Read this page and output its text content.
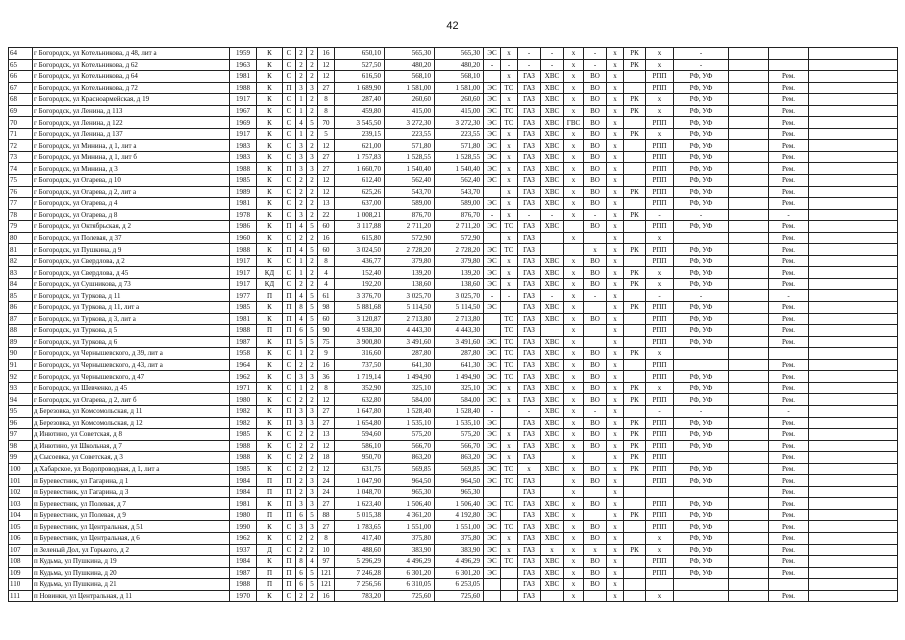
42
64	г Богородск, ул Котельникова, д 48, лит а	1959	К	С	2	2	16	650,10	565,30	565,30	ЭС	х	-	-	х	-	х	РК	х	-			
65	г Богородск, ул Котельникова, д 62	1963	К	С	2	2	12	527,50	480,20	480,20	-	-	-	-	х	-	х	РК	х	-			
66	г Богородск, ул Котельникова, д 64	1981	К	С	2	2	12	616,50	568,10	568,10		х	ГАЗ	ХВС	х	ВО	х		РПП	РФ, УФ		Рем.	
67	г Богородск, ул Котельникова, д 72	1988	К	П	3	3	27	1 689,90	1 581,00	1 581,00	ЭС	ТС	ГАЗ	ХВС	х	ВО	х		РПП	РФ, УФ		Рем.	
68	г Богородск, ул Красноармейская, д 19	1917	К	С	1	2	8	287,40	260,60	260,60	ЭС	х	ГАЗ	ХВС	х	ВО	х	РК	х	РФ, УФ		Рем.	
69	г Богородск, ул Ленина, д 113	1967	К	С	1	2	8	459,80	415,00	415,00	ЭС	ТС	ГАЗ	ХВС	х	ВО	х	РК	х	РФ, УФ		Рем.	
70	г Богородск, ул Ленина, д 122	1969	К	С	4	5	70	3 545,50	3 272,30	3 272,30	ЭС	ТС	ГАЗ	ХВС	ГВС	ВО	х		РПП	РФ, УФ		Рем.	
71	г Богородск, ул Ленина, д 137	1917	К	С	1	2	5	239,15	223,55	223,55	ЭС	х	ГАЗ	ХВС	х	ВО	х	РК	х	РФ, УФ		Рем.	
72	г Богородск, ул Минина, д 1, лит а	1983	К	С	3	2	12	621,00	571,80	571,80	ЭС	х	ГАЗ	ХВС	х	ВО	х		РПП	РФ, УФ		Рем.	
73	г Богородск, ул Минина, д 1, лит б	1983	К	С	3	3	27	1 757,83	1 528,55	1 528,55	ЭС	х	ГАЗ	ХВС	х	ВО	х		РПП	РФ, УФ		Рем.	
74	г Богородск, ул Минина, д 3	1988	К	П	3	3	27	1 660,70	1 540,40	1 540,40	ЭС	х	ГАЗ	ХВС	х	ВО	х		РПП	РФ, УФ		Рем.	
75	г Богородск, ул Огарева, д 10	1985	К	С	2	2	12	612,40	562,40	562,40	ЭС	х	ГАЗ	ХВС	х	ВО	х		РПП	РФ, УФ		Рем.	
76	г Богородск, ул Огарева, д 2, лит а	1989	К	С	2	2	12	625,26	543,70	543,70		х	ГАЗ	ХВС	х	ВО	х	РК	РПП	РФ, УФ		Рем.	
77	г Богородск, ул Огарева, д 4	1981	К	С	2	2	13	637,00	589,00	589,00	ЭС	х	ГАЗ	ХВС	х	ВО	х		РПП	РФ, УФ		Рем.	
78	г Богородск, ул Огарева, д 8	1978	К	С	3	2	22	1 008,21	876,70	876,70	-	х	-	-	х	-	х	РК	-	-		-	
79	г Богородск, ул Октябрьская, д 2	1986	К	П	4	5	60	3 117,88	2 711,20	2 711,20	ЭС	ТС	ГАЗ	ХВС		ВО	х		РПП	РФ, УФ		Рем.	
80	г Богородск, ул Полевая, д 37	1960	К	С	2	2	16	615,80	572,90	572,90		х	ГАЗ		х		х		х			Рем.	
81	г Богородск, ул Пушкина, д 9	1988	К	П	4	5	60	3 024,50	2 728,20	2 728,20	ЭС	ТС	ГАЗ			х	х	РК	РПП	РФ, УФ		Рем.	
82	г Богородск, ул Свердлова, д 2	1917	К	С	1	2	8	436,77	379,80	379,80	ЭС	х	ГАЗ	ХВС	х	ВО	х		РПП	РФ, УФ		Рем.	
83	г Богородск, ул Свердлова, д 45	1917	КД	С	1	2	4	152,40	139,20	139,20	ЭС	х	ГАЗ	ХВС	х	ВО	х	РК	х	РФ, УФ		Рем.	
84	г Богородск, ул Сушникова, д 73	1917	КД	С	2	2	4	192,20	138,60	138,60	ЭС	х	ГАЗ	ХВС	х	ВО	х	РК	х	РФ, УФ		Рем.	
85	г Богородск, ул Туркова, д 11	1977	П	П	4	5	61	3 376,70	3 025,70	3 025,70	-	-	ГАЗ	-	х	-	х		-	-		-	
86	г Богородск, ул Туркова, д 11, лит а	1985	К	П	8	5	98	5 881,68	5 114,50	5 114,50	ЭС		ГАЗ	ХВС	х		х	РК	РПП	РФ, УФ		Рем.	
87	г Богородск, ул Туркова, д 3, лит а	1981	К	П	4	5	60	3 120,87	2 713,80	2 713,80		ТС	ГАЗ	ХВС	х	ВО	х		РПП	РФ, УФ		Рем.	
88	г Богородск, ул Туркова, д 5	1988	П	П	6	5	90	4 938,30	4 443,30	4 443,30		ТС	ГАЗ		х		х		РПП	РФ, УФ		Рем.	
89	г Богородск, ул Туркова, д 6	1987	К	П	5	5	75	3 900,80	3 491,60	3 491,60	ЭС	ТС	ГАЗ	ХВС	х		х		РПП	РФ, УФ		Рем.	
90	г Богородск, ул Чернышевского, д 39, лит а	1958	К	С	1	2	9	316,60	287,80	287,80	ЭС	ТС	ГАЗ	ХВС	х	ВО	х	РК	х				
91	г Богородск, ул Чернышевского, д 43, лит а	1964	К	С	2	2	16	737,50	641,30	641,30	ЭС	ТС	ГАЗ	ХВС	х	ВО	х		РПП			Рем.	
92	г Богородск, ул Чернышевского, д 47	1962	К	С	3	3	36	1 719,14	1 494,90	1 494,90	ЭС	ТС	ГАЗ	ХВС	х	ВО	х		РПП	РФ, УФ		Рем.	
93	г Богородск, ул Шевченко, д 45	1971	К	С	1	2	8	352,90	325,10	325,10	ЭС	х	ГАЗ	ХВС	х	ВО	х	РК	х	РФ, УФ		Рем.	
94	г Богородск, ул Огарева, д 2, лит б	1980	К	С	2	2	12	632,80	584,00	584,00	ЭС	х	ГАЗ	ХВС	х	ВО	х	РК	РПП	РФ, УФ		Рем.	
95	д Березовка, ул Комсомольская, д 11	1982	К	П	3	3	27	1 647,80	1 528,40	1 528,40	-		-	ХВС	х	-	х		-	-		-	
96	д Березовка, ул Комсомольская, д 12	1982	К	П	3	3	27	1 654,80	1 535,10	1 535,10	ЭС		ГАЗ	ХВС	х	ВО	х	РК	РПП	РФ, УФ		Рем.	
97	д Инютино, ул Советская, д 8	1985	К	С	2	2	13	594,60	575,20	575,20	ЭС	х	ГАЗ	ХВС	х	ВО	х	РК	РПП	РФ, УФ		Рем.	
98	д Инютино, ул Школьная, д 7	1988	К	С	2	2	12	586,10	566,70	566,70	ЭС	х	ГАЗ	ХВС	х	ВО	х	РК	РПП	РФ, УФ		Рем.	
99	д Сысоевка, ул Советская, д 3	1988	К	С	2	2	18	950,70	863,20	863,20	ЭС	х	ГАЗ		х		х	РК	РПП			Рем.	
100	д Хабарское, ул Водопроводная, д 1, лит а	1985	К	С	2	2	12	631,75	569,85	569,85	ЭС	ТС	х	ХВС	х	ВО	х	РК	РПП	РФ, УФ		Рем.	
101	п Буревестник, ул Гагарина, д 1	1984	П	П	2	3	24	1 047,90	964,50	964,50	ЭС	ТС	ГАЗ		х	ВО	х		РПП	РФ, УФ		Рем.	
102	п Буревестник, ул Гагарина, д 3	1984	П	П	2	3	24	1 048,70	965,30	965,30			ГАЗ		х		х					Рем.	
103	п Буревестник, ул Полевая, д 7	1981	К	П	3	3	27	1 623,40	1 506,40	1 506,40	ЭС	ТС	ГАЗ	ХВС	х	ВО	х		РПП	РФ, УФ		Рем.	
104	п Буревестник, ул Полевая, д 9	1980	П	П	6	5	88	5 015,38	4 361,20	4 192,80	ЭС		ГАЗ	ХВС	х		х	РК	РПП	РФ, УФ		Рем.	
105	п Буревестник, ул Центральная, д 51	1990	К	С	3	3	27	1 783,65	1 551,00	1 551,00	ЭС	ТС	ГАЗ	ХВС	х	ВО	х		РПП	РФ, УФ		Рем.	
106	п Буревестник, ул Центральная, д 6	1962	К	С	2	2	8	417,40	375,80	375,80	ЭС	х	ГАЗ	ХВС	х	ВО	х		х	РФ, УФ		Рем.	
107	п Зеленый Дол, ул Горького, д 2	1937	Д	С	2	2	10	488,60	383,90	383,90	ЭС	х	ГАЗ	х	х	х	х	РК	х	РФ, УФ		Рем.	
108	п Кудьма, ул Пушкина, д 19	1984	К	П	8	4	97	5 296,29	4 496,29	4 496,29	ЭС	ТС	ГАЗ	ХВС	х	ВО	х		РПП	РФ, УФ		Рем.	
109	п Кудьма, ул Пушкина, д 20	1987	П	П	6	5	121	7 246,28	6 301,20	6 301,20	ЭС		ГАЗ	ХВС	х	ВО	х		РПП	РФ, УФ		Рем.	
110	п Кудьма, ул Пушкина, д 21	1988	П	П	6	5	121	7 256,56	6 310,05	6 253,05			ГАЗ	ХВС	х	ВО	х						
111	п Новинки, ул Центральная, д 11	1970	К	С	2	2	16	783,20	725,60	725,60			ГАЗ		х		х		х			Рем.	
